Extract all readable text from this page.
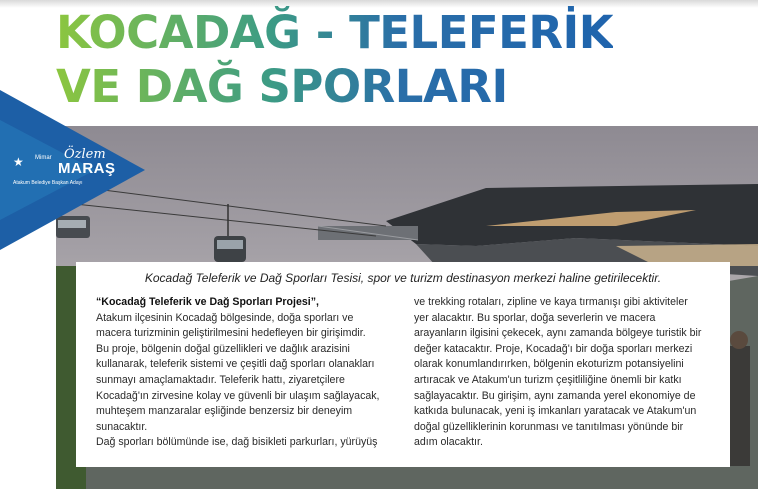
KOCADAĞ - TELEFERİK
VE DAĞ SPORLARI
★ Mimar Özlem
MARAŞ
Atakum Belediye Başkan Adayı

Kocadağ Teleferik ve Dağ Sporları Tesisi, spor ve turizm destinasyon merkezi haline getirilecektir.

“Kocadağ Teleferik ve Dağ Sporları Projesi”,
Atakum ilçesinin Kocadağ bölgesinde, doğa sporları ve
macera turizminin geliştirilmesini hedefleyen bir girişimdir.
Bu proje, bölgenin doğal güzellikleri ve dağlık arazisini
kullanarak, teleferik sistemi ve çeşitli dağ sporları olanakları
sunmayı amaçlamaktadır. Teleferik hattı, ziyaretçilere
Kocadağ'ın zirvesine kolay ve güvenli bir ulaşım sağlayacak,
muhteşem manzaralar eşliğinde benzersiz bir deneyim
sunacaktır.
Dağ sporları bölümünde ise, dağ bisikleti parkurları, yürüyüş
ve trekking rotaları, zipline ve kaya tırmanışı gibi aktiviteler
yer alacaktır. Bu sporlar, doğa severlerin ve macera
arayanların ilgisini çekecek, aynı zamanda bölgeye turistik bir
değer katacaktır. Proje, Kocadağ'ı bir doğa sporları merkezi
olarak konumlandırırken, bölgenin ekoturizm potansiyelini
artıracak ve Atakum'un turizm çeşitliliğine önemli bir katkı
sağlayacaktır. Bu girişim, aynı zamanda yerel ekonomiye de
katkıda bulunacak, yeni iş imkanları yaratacak ve Atakum'un
doğal güzelliklerinin korunması ve tanıtılması yönünde bir
adım olacaktır.
